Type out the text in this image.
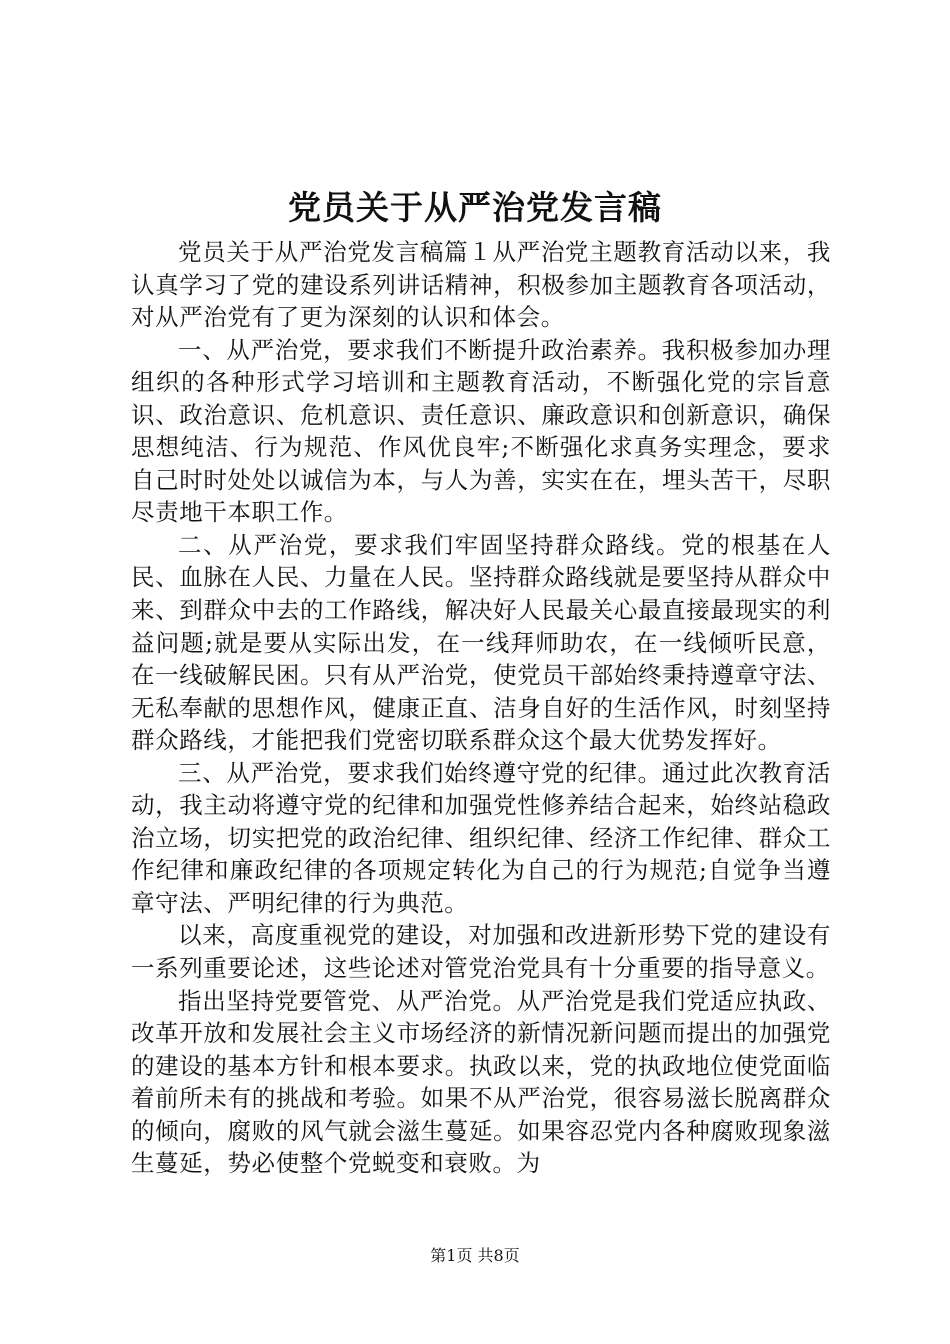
党员关于从严治党发言稿

党员关于从严治党发言稿篇１从严治党主题教育活动以来，我认真学习了党的建设系列讲话精神，积极参加主题教育各项活动，对从严治党有了更为深刻的认识和体会。

一、从严治党，要求我们不断提升政治素养。我积极参加办理组织的各种形式学习培训和主题教育活动，不断强化党的宗旨意识、政治意识、危机意识、责任意识、廉政意识和创新意识，确保思想纯洁、行为规范、作风优良牢;不断强化求真务实理念，要求自己时时处处以诚信为本，与人为善，实实在在，埋头苦干，尽职尽责地干本职工作。

二、从严治党，要求我们牢固坚持群众路线。党的根基在人民、血脉在人民、力量在人民。坚持群众路线就是要坚持从群众中来、到群众中去的工作路线，解决好人民最关心最直接最现实的利益问题;就是要从实际出发，在一线拜师助农，在一线倾听民意，在一线破解民困。只有从严治党，使党员干部始终秉持遵章守法、无私奉献的思想作风，健康正直、洁身自好的生活作风，时刻坚持群众路线，才能把我们党密切联系群众这个最大优势发挥好。

三、从严治党，要求我们始终遵守党的纪律。通过此次教育活动，我主动将遵守党的纪律和加强党性修养结合起来，始终站稳政治立场，切实把党的政治纪律、组织纪律、经济工作纪律、群众工作纪律和廉政纪律的各项规定转化为自己的行为规范;自觉争当遵章守法、严明纪律的行为典范。

以来，高度重视党的建设，对加强和改进新形势下党的建设有一系列重要论述，这些论述对管党治党具有十分重要的指导意义。

指出坚持党要管党、从严治党。从严治党是我们党适应执政、改革开放和发展社会主义市场经济的新情况新问题而提出的加强党的建设的基本方针和根本要求。执政以来，党的执政地位使党面临着前所未有的挑战和考验。如果不从严治党，很容易滋长脱离群众的倾向，腐败的风气就会滋生蔓延。如果容忍党内各种腐败现象滋生蔓延，势必使整个党蜕变和衰败。为

第1页 共8页
